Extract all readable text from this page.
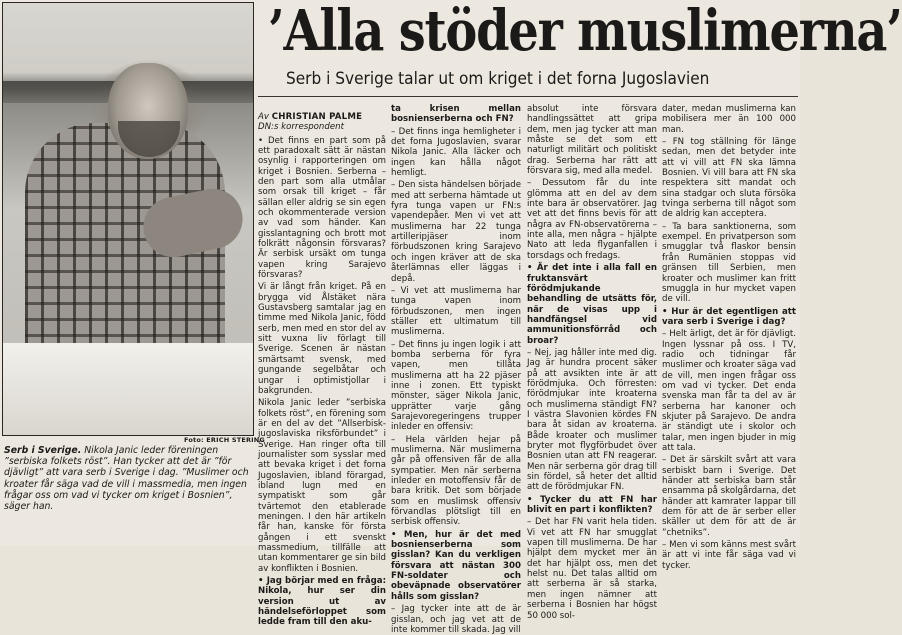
Foto: ERICH STERING
Serb i Sverige. Nikola Janic leder föreningen ”serbiska folkets röst”. Han tycker att det är ”för djävligt” att vara serb i Sverige i dag. ”Muslimer och kroater får säga vad de vill i massmedia, men ingen frågar oss om vad vi tycker om kriget i Bosnien”, säger han.
’Alla stöder muslimerna’
Serb i Sverige talar ut om kriget i det forna Jugoslavien
Av CHRISTIAN PALME
DN:s korrespondent

• Det finns en part som på ett paradoxalt sätt är nästan osynlig i rapporteringen om kriget i Bosnien. Serberna – den part som alla utmålar som orsak till kriget – får sällan eller aldrig se sin egen och okommenterade version av vad som händer. Kan gisslantagning och brott mot folkrätt någonsin försvaras? Är serbisk ursäkt om tunga vapen kring Sarajevo försvaras?

Vi är långt från kriget. På en brygga vid Ålstäket nära Gustavsberg samtalar jag en timme med Nikola Janic, född serb, men med en stor del av sitt vuxna liv förlagt till Sverige. Scenen är nästan smärtsamt svensk, med gungande segelbåtar och ungar i optimistjollar i bakgrunden.

Nikola Janic leder ”serbiska folkets röst”, en förening som är en del av det ”Allserbisk-jugoslaviska riksförbundet” i Sverige. Han ringer ofta till journalister som sysslar med att bevaka kriget i det forna Jugoslavien, ibland förargad, ibland lugn med en sympatiskt som går tvärtemot den etablerade meningen. I den här artikeln får han, kanske för första gången i ett svenskt massmedium, tillfälle att utan kommentarer ge sin bild av konflikten i Bosnien.

• Jag börjar med en fråga: Nikola, hur ser din version ut av händelseförloppet som ledde fram till den aku-

ta krisen mellan bosnienserberna och FN?

– Det finns inga hemligheter i det forna Jugoslavien, svarar Nikola Janic. Alla läcker och ingen kan hålla något hemligt.

– Den sista händelsen började med att serberna hämtade ut fyra tunga vapen ur FN:s vapendepåer. Men vi vet att muslimerna har 22 tunga artilleripjäser inom förbudszonen kring Sarajevo och ingen kräver att de ska återlämnas eller läggas i depå.

– Vi vet att muslimerna har tunga vapen inom förbudszonen, men ingen ställer ett ultimatum till muslimerna.

– Det finns ju ingen logik i att bomba serberna för fyra vapen, men tillåta muslimerna att ha 22 pjäser inne i zonen. Ett typiskt mönster, säger Nikola Janic, upprätter varje gång Sarajevoregeringens trupper inleder en offensiv:

– Hela världen hejar på muslimerna. När muslimerna går på offensiven får de alla sympatier. Men när serberna inleder en motoffensiv får de bara kritik. Det som började som en muslimsk offensiv förvandlas plötsligt till en serbisk offensiv.

• Men, hur är det med bosnienserberna som gisslan? Kan du verkligen försvara att nästan 300 FN-soldater och obeväpnade observatörer hålls som gisslan?

– Jag tycker inte att de är gisslan, och jag vet att de inte kommer till skada. Jag vill

absolut inte försvara handlingssättet att gripa dem, men jag tycker att man måste se det som ett naturligt militärt och politiskt drag. Serberna har rätt att försvara sig, med alla medel.

– Dessutom får du inte glömma att en del av dem inte bara är observatörer. Jag vet att det finns bevis för att några av FN-observatörerna – inte alla, men några – hjälpte Nato att leda flyganfallen i torsdags och fredags.

• Är det inte i alla fall en fruktansvärt förödmjukande behandling de utsätts för, när de visas upp i handfängsel vid ammunitionsförråd och broar?

– Nej, jag håller inte med dig. Jag är hundra procent säker på att avsikten inte är att förödmjuka. Och förresten: förödmjukar inte kroaterna och muslimerna ständigt FN? I västra Slavonien kördes FN bara åt sidan av kroaterna. Både kroater och muslimer bryter mot flygförbudet över Bosnien utan att FN reagerar. Men när serberna gör drag till sin fördel, så heter det alltid att de förödmjukar FN.

• Tycker du att FN har blivit en part i konflikten?

– Det har FN varit hela tiden. Vi vet att FN har smugglat vapen till muslimerna. De har hjälpt dem mycket mer än det har hjälpt oss, men det helst nu. Det talas alltid om att serberna är så starka, men ingen nämner att serberna i Bosnien har högst 50 000 sol-

dater, medan muslimerna kan mobilisera mer än 100 000 man.

– FN tog ställning för länge sedan, men det betyder inte att vi vill att FN ska lämna Bosnien. Vi vill bara att FN ska respektera sitt mandat och sina stadgar och sluta försöka tvinga serberna till något som de aldrig kan acceptera.

– Ta bara sanktionerna, som exempel. En privatperson som smugglar två flaskor bensin från Rumänien stoppas vid gränsen till Serbien, men kroater och muslimer kan fritt smuggla in hur mycket vapen de vill.

• Hur är det egentligen att vara serb i Sverige i dag?

– Helt ärligt, det är för djävligt. Ingen lyssnar på oss. I TV, radio och tidningar får muslimer och kroater säga vad de vill, men ingen frågar oss om vad vi tycker. Det enda svenska man får ta del av är serberna har kanoner och skjuter på Sarajevo. De andra är ständigt ute i skolor och talar, men ingen bjuder in mig att tala.

– Det är särskilt svårt att vara serbiskt barn i Sverige. Det händer att serbiska barn står ensamma på skolgårdarna, det händer att kamrater lappar till dem för att de är serber eller skäller ut dem för att de är ”chetniks”.

– Men vi som känns mest svårt är att vi inte får säga vad vi tycker.
